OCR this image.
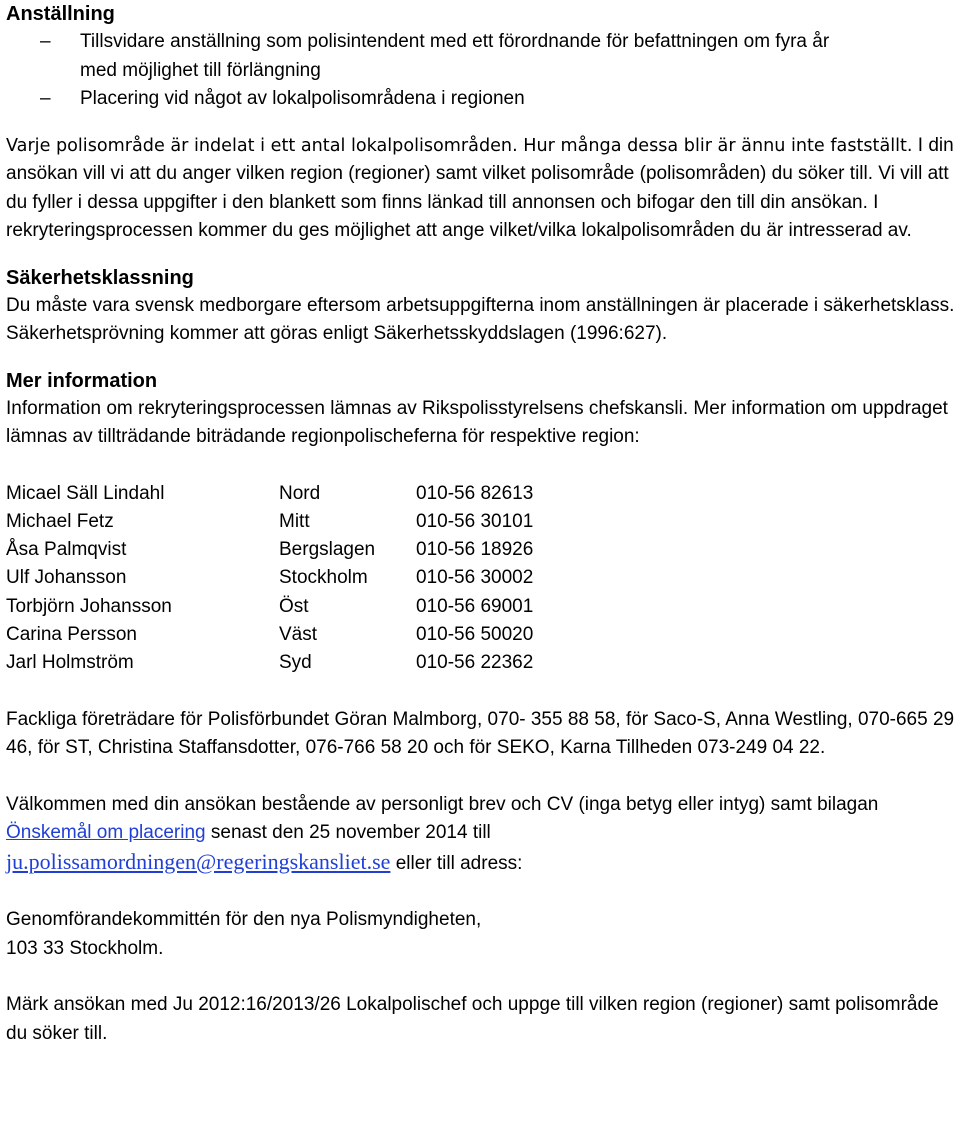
Anställning
– Tillsvidare anställning som polisintendent med ett förordnande för befattningen om fyra år
med möjlighet till förlängning
– Placering vid något av lokalpolisområdena i regionen

Varje polisområde är indelat i ett antal lokalpolisområden. Hur många dessa blir är ännu inte fastställt. I din ansökan vill vi att du anger vilken region (regioner) samt vilket polisområde (polisområden) du söker till. Vi vill att du fyller i dessa uppgifter i den blankett som finns länkad till annonsen och bifogar den till din ansökan. I rekryteringsprocessen kommer du ges möjlighet att ange vilket/vilka lokalpolisområden du är intresserad av.

Säkerhetsklassning

Du måste vara svensk medborgare eftersom arbetsuppgifterna inom anställningen är placerade i säkerhetsklass. Säkerhetsprövning kommer att göras enligt Säkerhetsskyddslagen (1996:627).

Mer information

Information om rekryteringsprocessen lämnas av Rikspolisstyrelsens chefskansli. Mer information om uppdraget lämnas av tillträdande biträdande regionpolischeferna för respektive region:

Micael Säll Lindahl	Nord	010-56 82613
Michael Fetz	Mitt	010-56 30101
Åsa Palmqvist	Bergslagen	010-56 18926
Ulf Johansson	Stockholm	010-56 30002
Torbjörn Johansson	Öst	010-56 69001
Carina Persson	Väst	010-56 50020
Jarl Holmström	Syd	010-56 22362

Fackliga företrädare för Polisförbundet Göran Malmborg, 070- 355 88 58, för Saco-S, Anna Westling, 070-665 29 46, för ST, Christina Staffansdotter, 076-766 58 20 och för SEKO, Karna Tillheden 073-249 04 22.

Välkommen med din ansökan bestående av personligt brev och CV (inga betyg eller intyg) samt bilagan Önskemål om placering senast den 25 november 2014 till
ju.polissamordningen@regeringskansliet.se eller till adress:

Genomförandekommittén för den nya Polismyndigheten,
103 33 Stockholm.

Märk ansökan med Ju 2012:16/2013/26 Lokalpolischef och uppge till vilken region (regioner) samt polisområde du söker till.
